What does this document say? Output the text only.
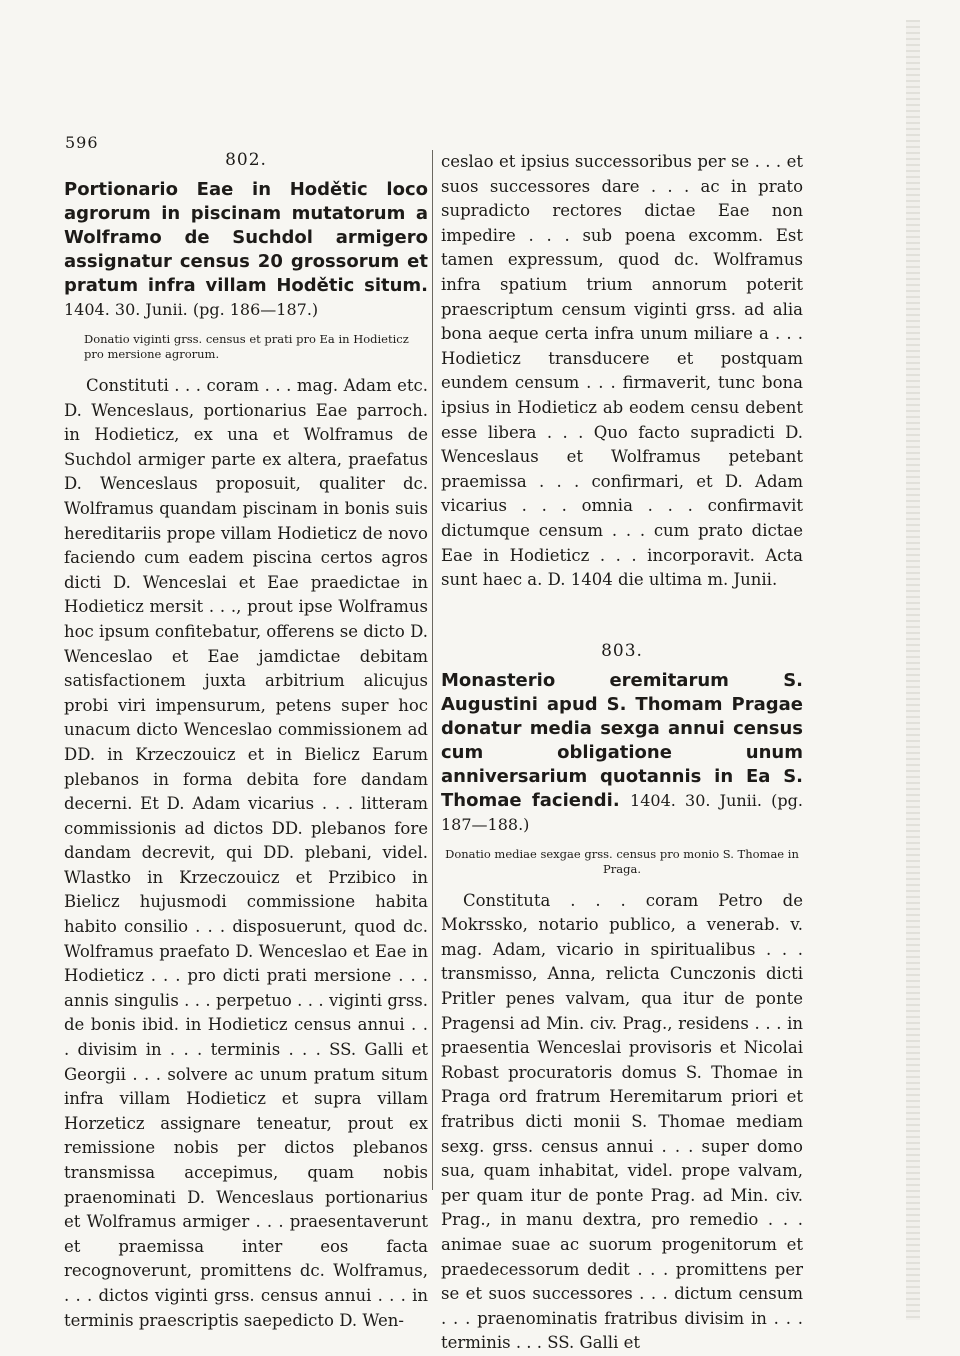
596
802.

Portionario Eae in Hodětic loco agrorum in piscinam mutatorum a Wolframo de Suchdol armigero assignatur census 20 grossorum et pratum infra villam Hodětic situm. 1404. 30. Junii. (pg. 186—187.)

Donatio viginti grss. census et prati pro Ea in Hodieticz pro mersione agrorum.

Constituti . . . coram . . . mag. Adam etc. D. Wenceslaus, portionarius Eae parroch. in Hodieticz, ex una et Wolframus de Suchdol armiger parte ex altera, praefatus D. Wenceslaus proposuit, qualiter dc. Wolframus quandam piscinam in bonis suis hereditariis prope villam Hodieticz de novo faciendo cum eadem piscina certos agros dicti D. Wenceslai et Eae praedictae in Hodieticz mersit . . ., prout ipse Wolframus hoc ipsum confitebatur, offerens se dicto D. Wenceslao et Eae jamdictae debitam satisfactionem juxta arbitrium alicujus probi viri impensurum, petens super hoc unacum dicto Wenceslao commissionem ad DD. in Krzeczouicz et in Bielicz Earum plebanos in forma debita fore dandam decerni. Et D. Adam vicarius . . . litteram commissionis ad dictos DD. plebanos fore dandam decrevit, qui DD. plebani, videl. Wlastko in Krzeczouicz et Przibico in Bielicz hujusmodi commissione habita habito consilio . . . disposuerunt, quod dc. Wolframus praefato D. Wenceslao et Eae in Hodieticz . . . pro dicti prati mersione . . . annis singulis . . . perpetuo . . . viginti grss. de bonis ibid. in Hodieticz census annui . . . divisim in . . . terminis . . . SS. Galli et Georgii . . . solvere ac unum pratum situm infra villam Hodieticz et supra villam Horzeticz assignare teneatur, prout ex remissione nobis per dictos plebanos transmissa accepimus, quam nobis praenominati D. Wenceslaus portionarius et Wolframus armiger . . . praesentaverunt et praemissa inter eos facta recognoverunt, promittens dc. Wolframus, . . . dictos viginti grss. census annui . . . in terminis praescriptis saepedicto D. Wen-

ceslao et ipsius successoribus per se . . . et suos successores dare . . . ac in prato supradicto rectores dictae Eae non impedire . . . sub poena excomm. Est tamen expressum, quod dc. Wolframus infra spatium trium annorum poterit praescriptum censum viginti grss. ad alia bona aeque certa infra unum miliare a . . . Hodieticz transducere et postquam eundem censum . . . firmaverit, tunc bona ipsius in Hodieticz ab eodem censu debent esse libera . . . Quo facto supradicti D. Wenceslaus et Wolframus petebant praemissa . . . confirmari, et D. Adam vicarius . . . omnia . . . confirmavit dictumque censum . . . cum prato dictae Eae in Hodieticz . . . incorporavit. Acta sunt haec a. D. 1404 die ultima m. Junii.

803.

Monasterio eremitarum S. Augustini apud S. Thomam Pragae donatur media sexga annui census cum obligatione unum anniversarium quotannis in Ea S. Thomae faciendi. 1404. 30. Junii. (pg. 187—188.)

Donatio mediae sexgae grss. census pro monio S. Thomae in Praga.

Constituta . . . coram Petro de Mokrssko, notario publico, a venerab. v. mag. Adam, vicario in spiritualibus . . . transmisso, Anna, relicta Cunczonis dicti Pritler penes valvam, qua itur de ponte Pragensi ad Min. civ. Prag., residens . . . in praesentia Wenceslai provisoris et Nicolai Robast procuratoris domus S. Thomae in Praga ord fratrum Heremitarum priori et fratribus dicti monii S. Thomae mediam sexg. grss. census annui . . . super domo sua, quam inhabitat, videl. prope valvam, per quam itur de ponte Prag. ad Min. civ. Prag., in manu dextra, pro remedio . . . animae suae ac suorum progenitorum et praedecessorum dedit . . . promittens per se et suos successores . . . dictum censum . . . praenominatis fratribus divisim in . . . terminis . . . SS. Galli et
